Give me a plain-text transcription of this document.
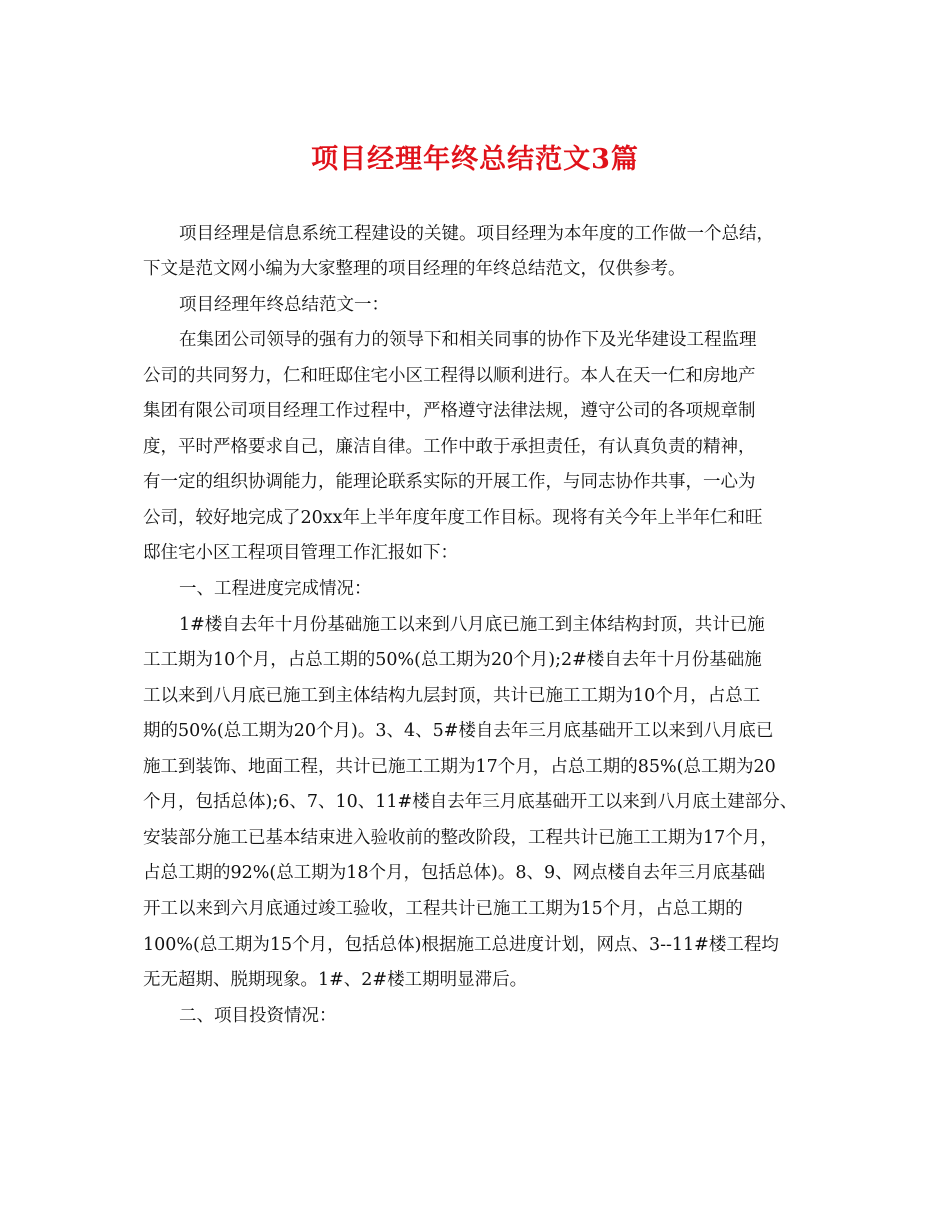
项目经理年终总结范文3篇
项目经理是信息系统工程建设的关键。项目经理为本年度的工作做一个总结，
下文是范文网小编为大家整理的项目经理的年终总结范文，仅供参考。
项目经理年终总结范文一：
在集团公司领导的强有力的领导下和相关同事的协作下及光华建设工程监理
公司的共同努力，仁和旺邸住宅小区工程得以顺利进行。本人在天一仁和房地产
集团有限公司项目经理工作过程中，严格遵守法律法规，遵守公司的各项规章制
度，平时严格要求自己，廉洁自律。工作中敢于承担责任，有认真负责的精神，
有一定的组织协调能力，能理论联系实际的开展工作，与同志协作共事，一心为
公司，较好地完成了20xx年上半年度年度工作目标。现将有关今年上半年仁和旺
邸住宅小区工程项目管理工作汇报如下：
一、工程进度完成情况：
1#楼自去年十月份基础施工以来到八月底已施工到主体结构封顶，共计已施
工工期为10个月，占总工期的50%(总工期为20个月);2#楼自去年十月份基础施
工以来到八月底已施工到主体结构九层封顶，共计已施工工期为10个月，占总工
期的50%(总工期为20个月)。3、4、5#楼自去年三月底基础开工以来到八月底已
施工到装饰、地面工程，共计已施工工期为17个月，占总工期的85%(总工期为20
个月，包括总体);6、7、10、11#楼自去年三月底基础开工以来到八月底土建部分、
安装部分施工已基本结束进入验收前的整改阶段，工程共计已施工工期为17个月，
占总工期的92%(总工期为18个月，包括总体)。8、9、网点楼自去年三月底基础
开工以来到六月底通过竣工验收，工程共计已施工工期为15个月，占总工期的
100%(总工期为15个月，包括总体)根据施工总进度计划，网点、3--11#楼工程均
无无超期、脱期现象。1#、2#楼工期明显滞后。
二、项目投资情况：
